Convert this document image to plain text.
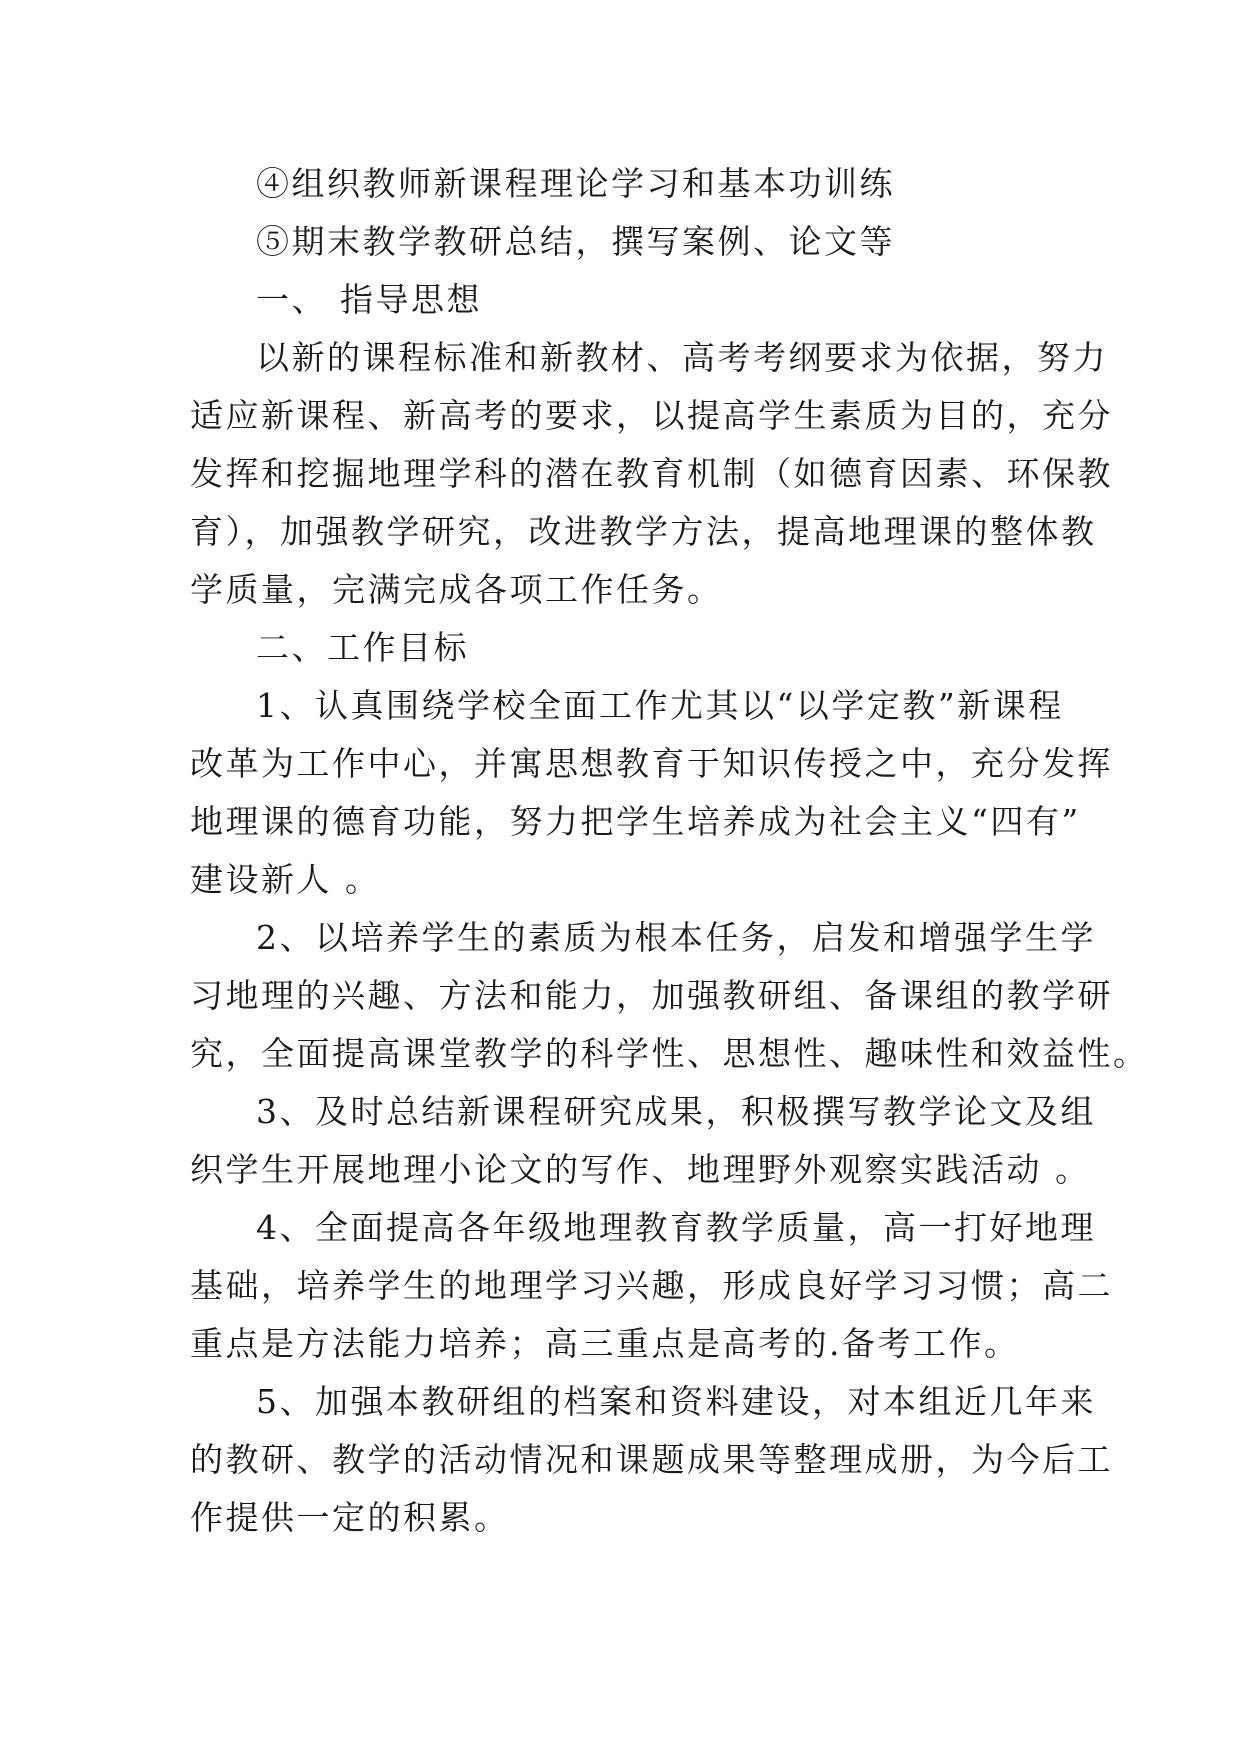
④组织教师新课程理论学习和基本功训练
⑤期末教学教研总结，撰写案例、论文等
一、 指导思想
以新的课程标准和新教材、高考考纲要求为依据，努力
适应新课程、新高考的要求，以提高学生素质为目的，充分
发挥和挖掘地理学科的潜在教育机制（如德育因素、环保教
育），加强教学研究，改进教学方法，提高地理课的整体教
学质量，完满完成各项工作任务。
二、工作目标
1、认真围绕学校全面工作尤其以“以学定教”新课程
改革为工作中心，并寓思想教育于知识传授之中，充分发挥
地理课的德育功能，努力把学生培养成为社会主义“四有”
建设新人 。
2、以培养学生的素质为根本任务，启发和增强学生学
习地理的兴趣、方法和能力，加强教研组、备课组的教学研
究，全面提高课堂教学的科学性、思想性、趣味性和效益性。
3、及时总结新课程研究成果，积极撰写教学论文及组
织学生开展地理小论文的写作、地理野外观察实践活动 。
4、全面提高各年级地理教育教学质量，高一打好地理
基础，培养学生的地理学习兴趣，形成良好学习习惯；高二
重点是方法能力培养；高三重点是高考的.备考工作。
5、加强本教研组的档案和资料建设，对本组近几年来
的教研、教学的活动情况和课题成果等整理成册，为今后工
作提供一定的积累。
